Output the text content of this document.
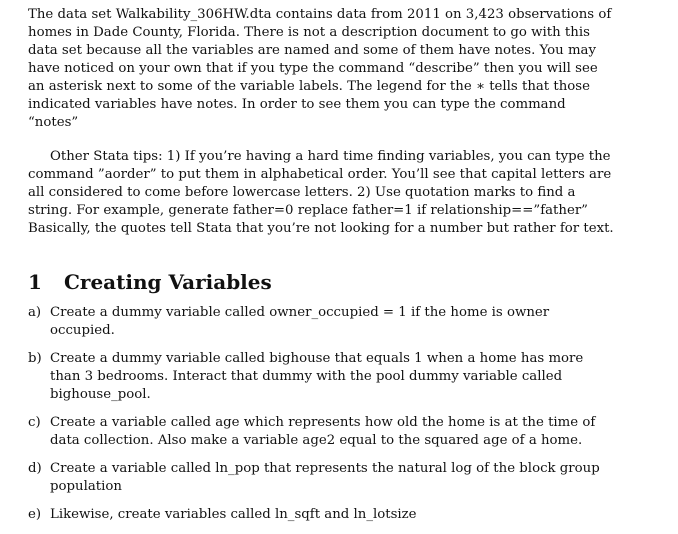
The data set Walkability_306HW.dta contains data from 2011 on 3,423 observations of homes in Dade County, Florida. There is not a description document to go with this data set because all the variables are named and some of them have notes. You may have noticed on your own that if you type the command “describe” then you will see an asterisk next to some of the variable labels. The legend for the ∗ tells that those indicated variables have notes. In order to see them you can type the command “notes”

Other Stata tips: 1) If you’re having a hard time finding variables, you can type the command ”aorder” to put them in alphabetical order. You’ll see that capital letters are all considered to come before lowercase letters. 2) Use quotation marks to find a string. For example, generate father=0 replace father=1 if relationship==”father” Basically, the quotes tell Stata that you’re not looking for a number but rather for text.

1 Creating Variables
a) Create a dummy variable called owner_occupied = 1 if the home is owner occupied.
b) Create a dummy variable called bighouse that equals 1 when a home has more than 3 bedrooms. Interact that dummy with the pool dummy variable called bighouse_pool.
c) Create a variable called age which represents how old the home is at the time of data collection. Also make a variable age2 equal to the squared age of a home.
d) Create a variable called ln_pop that represents the natural log of the block group population
e) Likewise, create variables called ln_sqft and ln_lotsize
